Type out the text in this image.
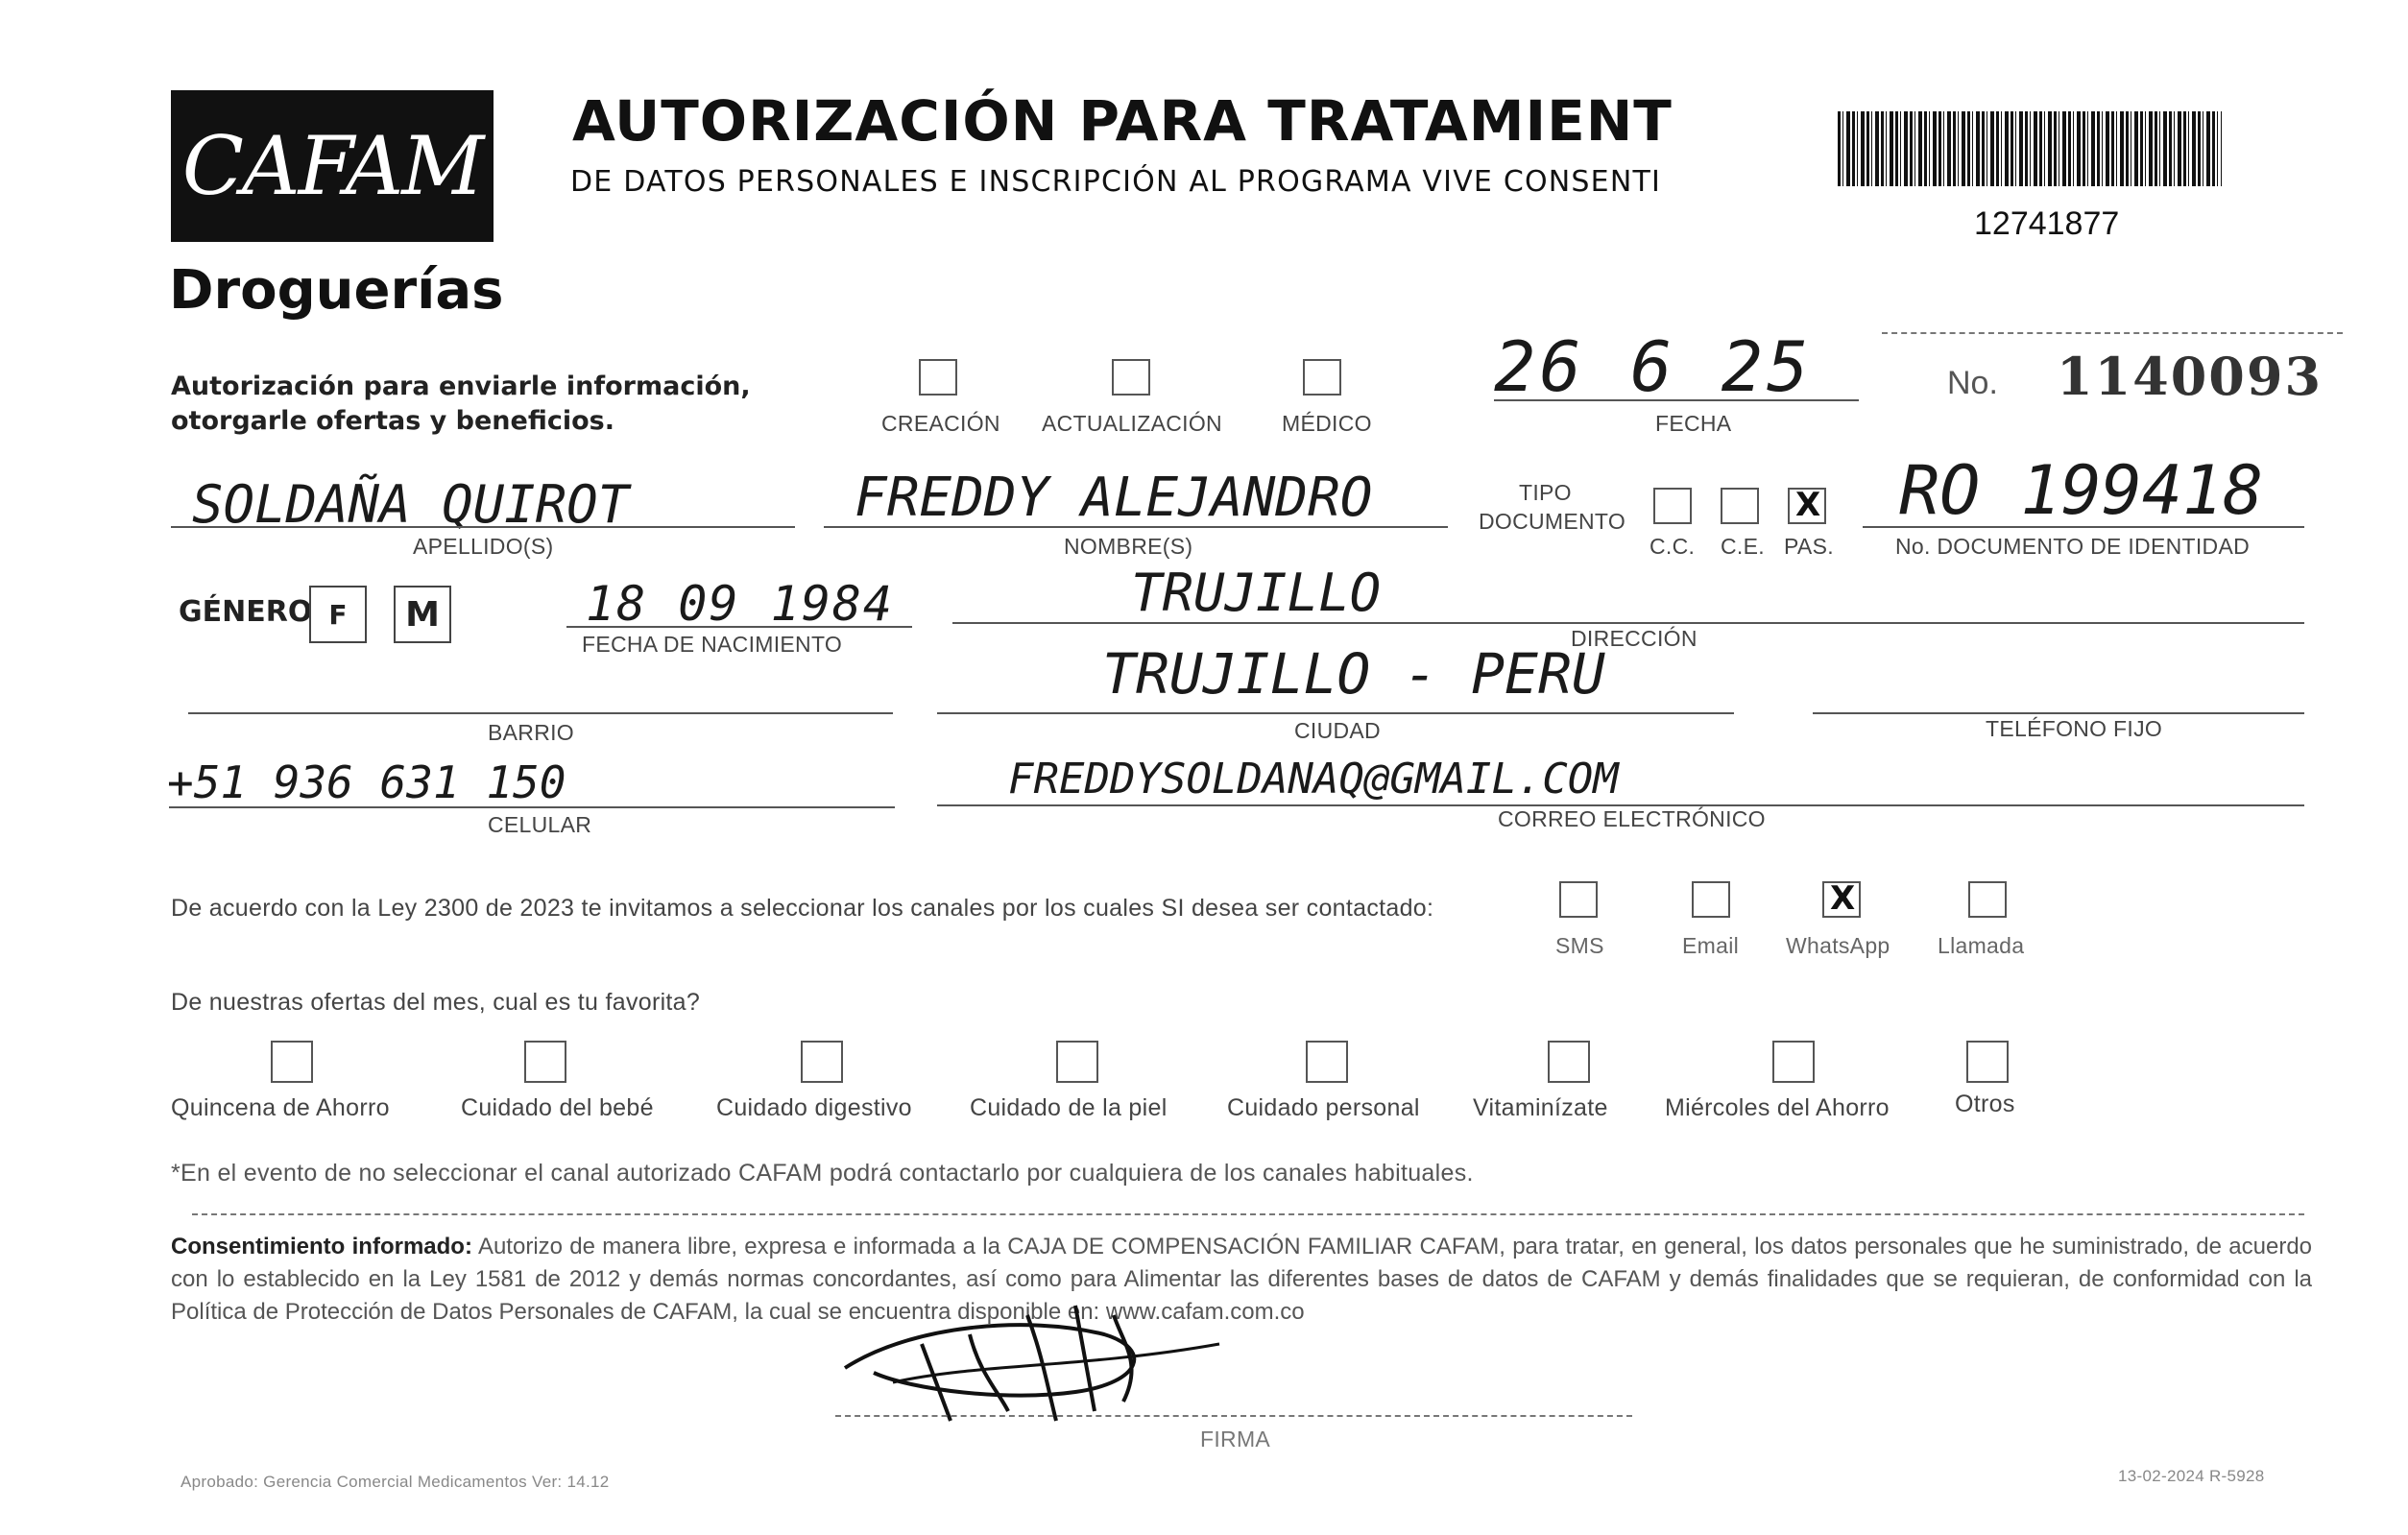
CAFAM
Droguerías
AUTORIZACIÓN PARA TRATAMIENT
DE DATOS PERSONALES E INSCRIPCIÓN AL PROGRAMA VIVE CONSENTI
12741877
Autorización para enviarle información,
otorgarle ofertas y beneficios.	CREACIÓN ACTUALIZACIÓN	MÉDICO
26 6 25
FECHA
No. 1140093
SOLDAÑA QUIROT
APELLIDO(S)
FREDDY ALEJANDRO
NOMBRE(S)
TIPO
DOCUMENTO
C.C. C.E.
X PAS.
RO 199418
No. DOCUMENTO DE IDENTIDAD
GÉNERO F M	18 09 1984
FECHA DE NACIMIENTO
TRUJILLO
DIRECCIÓN
BARRIO
TRUJILLO - PERU
CIUDAD	TELÉFONO FIJO
+51 936 631 150
CELULAR
FREDDYSOLDANAQ@GMAIL.COM
CORREO ELECTRÓNICO
De acuerdo con la Ley 2300 de 2023 te invitamos a seleccionar los canales por los cuales SI desea ser contactado:
SMS	Email
X WhatsApp Llamada
De nuestras ofertas del mes, cual es tu favorita?
Quincena de Ahorro	Cuidado del bebé	Cuidado digestivo Cuidado de la piel Cuidado personal Vitaminízate Miércoles del Ahorro	Otros
*En el evento de no seleccionar el canal autorizado CAFAM podrá contactarlo por cualquiera de los canales habituales.
Consentimiento informado: Autorizo de manera libre, expresa e informada a la CAJA DE COMPENSACIÓN FAMILIAR CAFAM, para tratar, en general, los datos personales que he suministrado, de acuerdo con lo establecido en la Ley 1581 de 2012 y demás normas concordantes, así como para Alimentar las diferentes bases de datos de CAFAM y demás finalidades que se requieran, de conformidad con la Política de Protección de Datos Personales de CAFAM, la cual se encuentra disponible en: www.cafam.com.co
FIRMA
Aprobado: Gerencia Comercial Medicamentos Ver: 14.12	13-02-2024 R-5928
